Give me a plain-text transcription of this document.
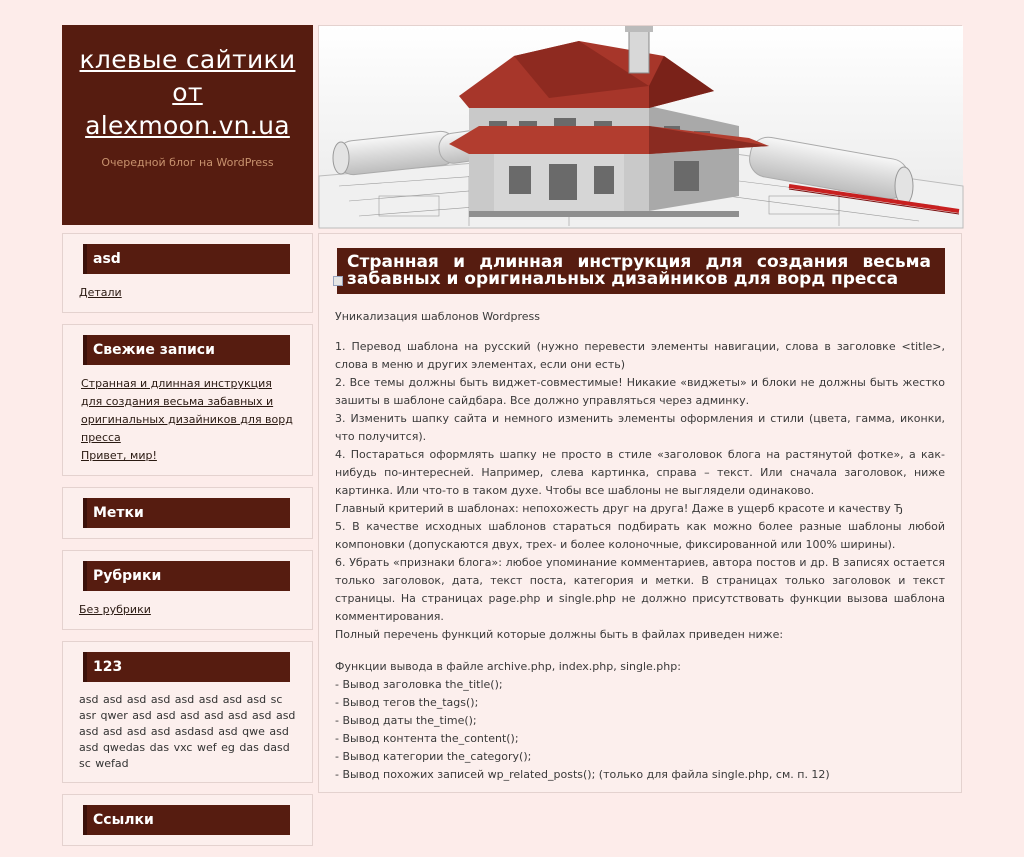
клевые сайтики
от
alexmoon.vn.ua
Очередной блог на WordPress
asd
Детали
Свежие записи
Странная и длинная инструкция для создания весьма забавных и оригинальных дизайников для ворд пресса
Привет, мир!
Метки
Рубрики
Без рубрики
123
asd asd asd asd asd asd asd asd sc asr qwer asd asd asd asd asd asd asd asd asd asd asd asdasd asd qwe asd asd qwedas das vxc wef eg das dasd sc wefad
Ссылки
Странная и длинная инструкция для создания весьма забавных и оригинальных дизайников для ворд пресса

Уникализация шаблонов Wordpress

1. Перевод шаблона на русский (нужно перевести элементы навигации, слова в заголовке <title>, слова в меню и других элементах, если они есть)

2. Все темы должны быть виджет-совместимые! Никакие «виджеты» и блоки не должны быть жестко зашиты в шаблоне сайдбара. Все должно управляться через админку.

3. Изменить шапку сайта и немного изменить элементы оформления и стили (цвета, гамма, иконки, что получится).

4. Постараться оформлять шапку не просто в стиле «заголовок блога на растянутой фотке», а как-нибудь по-интересней. Например, слева картинка, справа – текст. Или сначала заголовок, ниже картинка. Или что-то в таком духе. Чтобы все шаблоны не выглядели одинаково.

Главный критерий в шаблонах: непохожесть друг на друга! Даже в ущерб красоте и качеству Ђ

5. В качестве исходных шаблонов стараться подбирать как можно более разные шаблоны любой компоновки (допускаются двух, трех- и более колоночные, фиксированной или 100% ширины).

6. Убрать «признаки блога»: любое упоминание комментариев, автора постов и др. В записях остается только заголовок, дата, текст поста, категория и метки. В страницах только заголовок и текст страницы. На страницах page.php и single.php не должно присутствовать функции вызова шаблона комментирования.

Полный перечень функций которые должны быть в файлах приведен ниже:

Функции вывода в файле archive.php, index.php, single.php:

- Вывод заголовка the_title();

- Вывод тегов the_tags();

- Вывод даты the_time();

- Вывод контента the_content();

- Вывод категории the_category();

- Вывод похожих записей wp_related_posts(); (только для файла single.php, см. п. 12)
